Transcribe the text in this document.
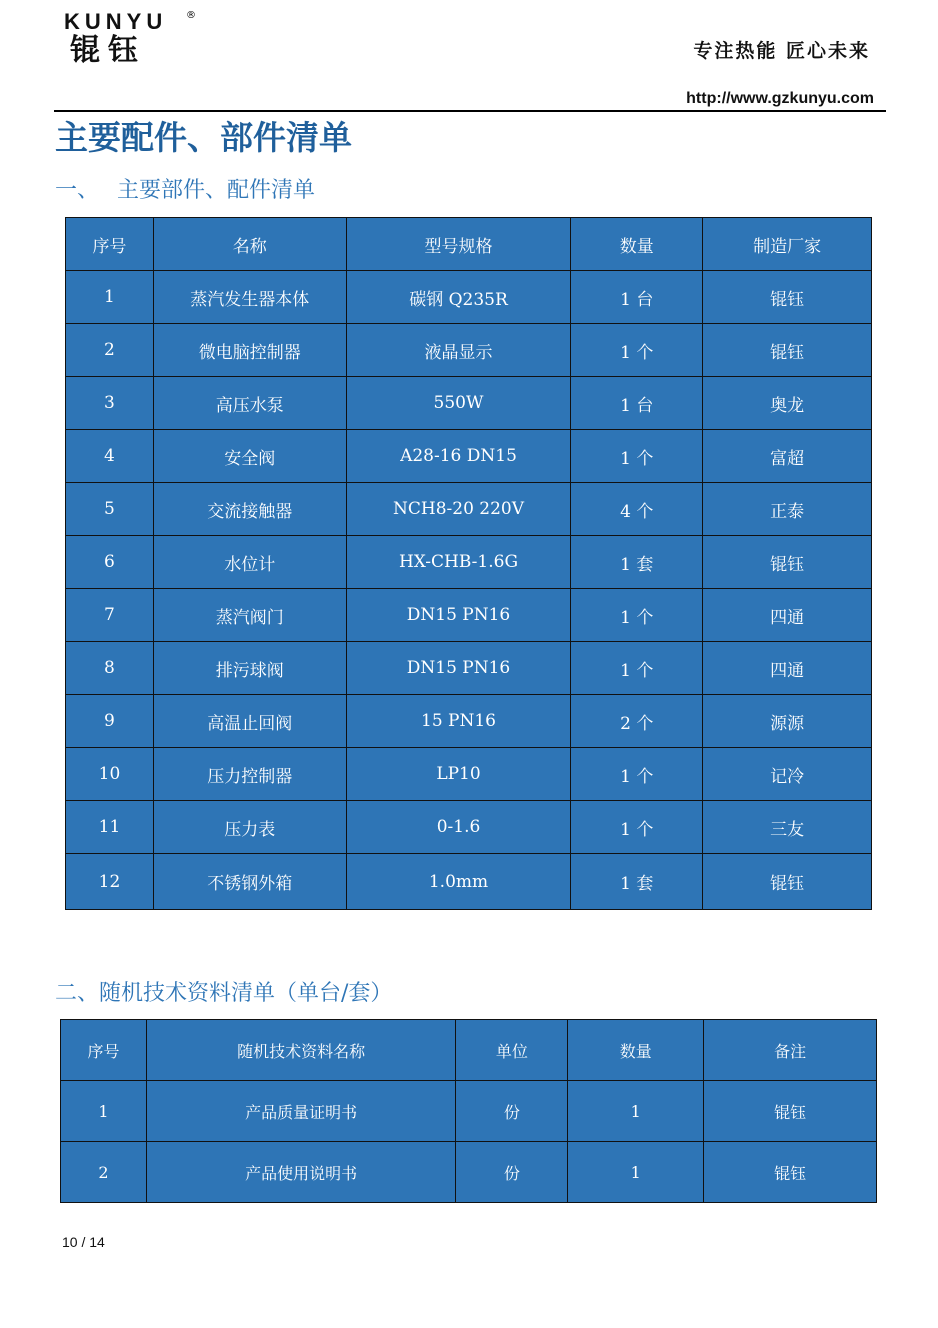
KUNYU	®
锟钰	专注热能 匠心未来
http://www.gzkunyu.com
主要配件、部件清单
一、 主要部件、配件清单
序号	名称	型号规格	数量	制造厂家
1	蒸汽发生器本体	碳钢 Q235R	1 台	锟钰
2	微电脑控制器	液晶显示	1 个	锟钰
3	高压水泵	550W	1 台	奥龙
4	安全阀	A28-16 DN15	1 个	富超
5	交流接触器	NCH8-20 220V	4 个	正泰
6	水位计	HX-CHB-1.6G	1 套	锟钰
7	蒸汽阀门	DN15 PN16	1 个	四通
8	排污球阀	DN15 PN16	1 个	四通
9	高温止回阀	15 PN16	2 个	源源
10	压力控制器	LP10	1 个	记冷
11	压力表	0-1.6	1 个	三友
12	不锈钢外箱	1.0mm	1 套	锟钰
二、随机技术资料清单（单台/套）
序号	随机技术资料名称	单位	数量	备注
1	产品质量证明书	份	1	锟钰
2	产品使用说明书	份	1	锟钰
10 / 14
